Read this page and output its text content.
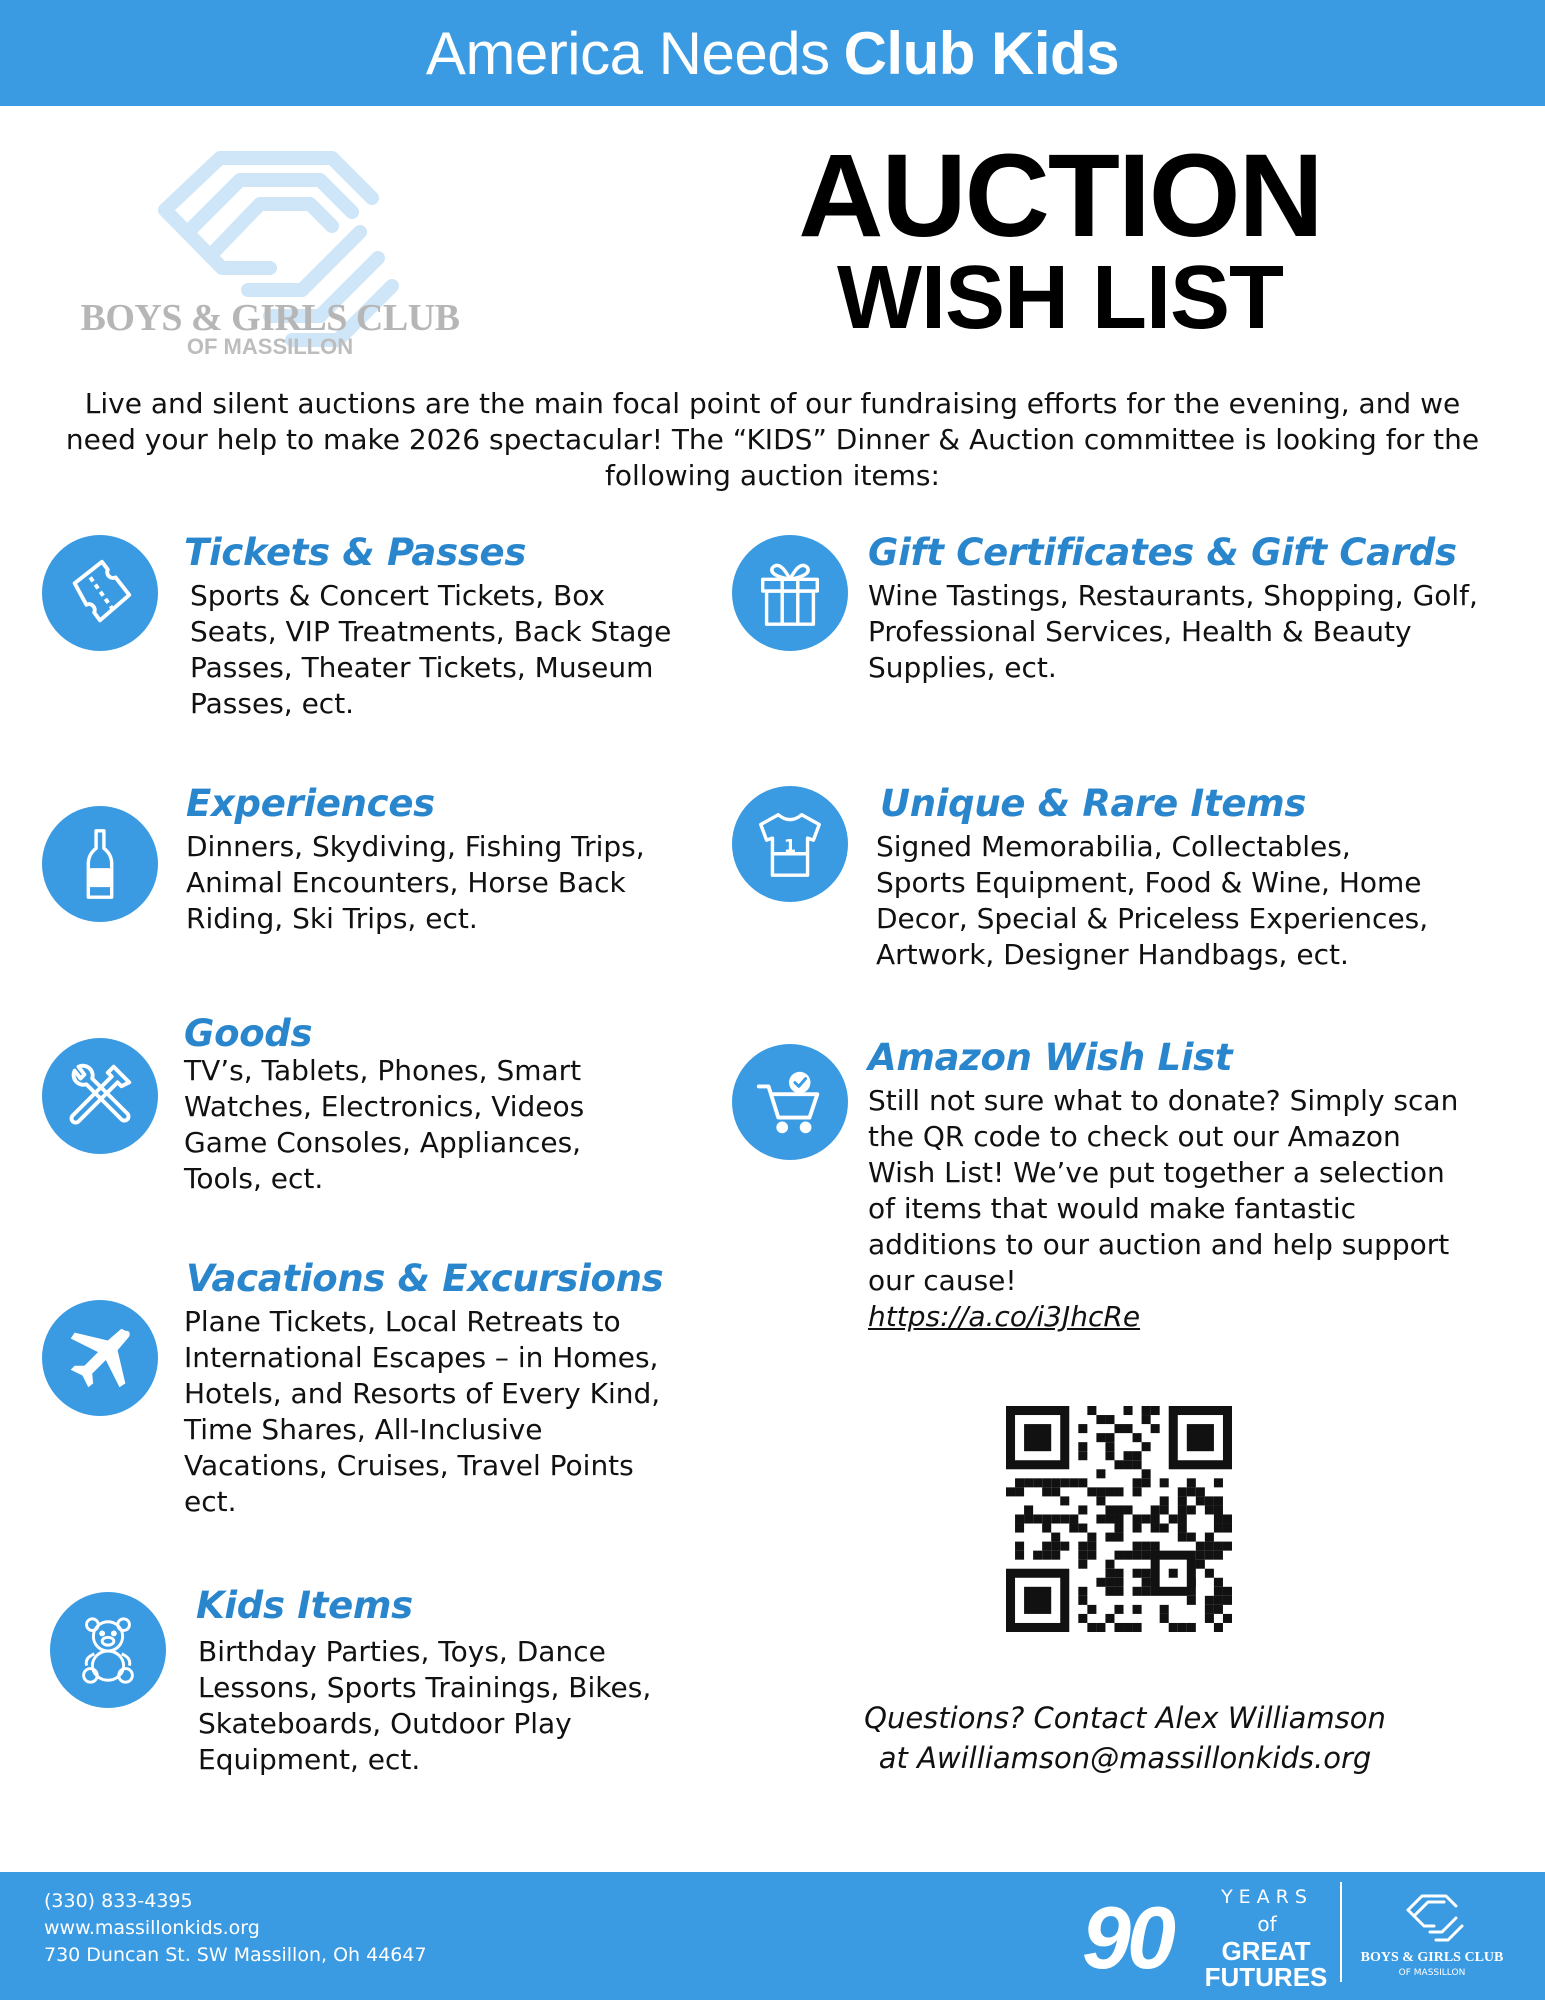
America Needs Club Kids
BOYS & GIRLS CLUB
OF MASSILLON
AUCTION
WISH LIST
Live and silent auctions are the main focal point of our fundraising efforts for the evening, and we need your help to make 2026 spectacular! The “KIDS” Dinner & Auction committee is looking for the following auction items:
Tickets & Passes
Sports & Concert Tickets, Box Seats, VIP Treatments, Back Stage Passes, Theater Tickets, Museum Passes, ect.
Experiences
Dinners, Skydiving, Fishing Trips, Animal Encounters, Horse Back Riding, Ski Trips, ect.
Goods
TV’s, Tablets, Phones, Smart Watches, Electronics, Videos Game Consoles, Appliances, Tools, ect.
Vacations & Excursions
Plane Tickets, Local Retreats to International Escapes – in Homes, Hotels, and Resorts of Every Kind, Time Shares, All-Inclusive Vacations, Cruises, Travel Points ect.
Kids Items
Birthday Parties, Toys, Dance Lessons, Sports Trainings, Bikes, Skateboards, Outdoor Play Equipment, ect.
Gift Certificates & Gift Cards
Wine Tastings, Restaurants, Shopping, Golf, Professional Services, Health & Beauty Supplies, ect.
1
Unique & Rare Items
Signed Memorabilia, Collectables, Sports Equipment, Food & Wine, Home Decor, Special & Priceless Experiences, Artwork, Designer Handbags, ect.
Amazon Wish List
Still not sure what to donate? Simply scan the QR code to check out our Amazon Wish List! We’ve put together a selection of items that would make fantastic additions to our auction and help support our cause!
https://a.co/i3JhcRe
Questions? Contact Alex Williamson
at Awilliamson@massillonkids.org
(330) 833-4395
www.massillonkids.org
730 Duncan St. SW Massillon, Oh 44647	90	YEARS
of
GREAT
FUTURES
BOYS & GIRLS CLUB
OF MASSILLON
